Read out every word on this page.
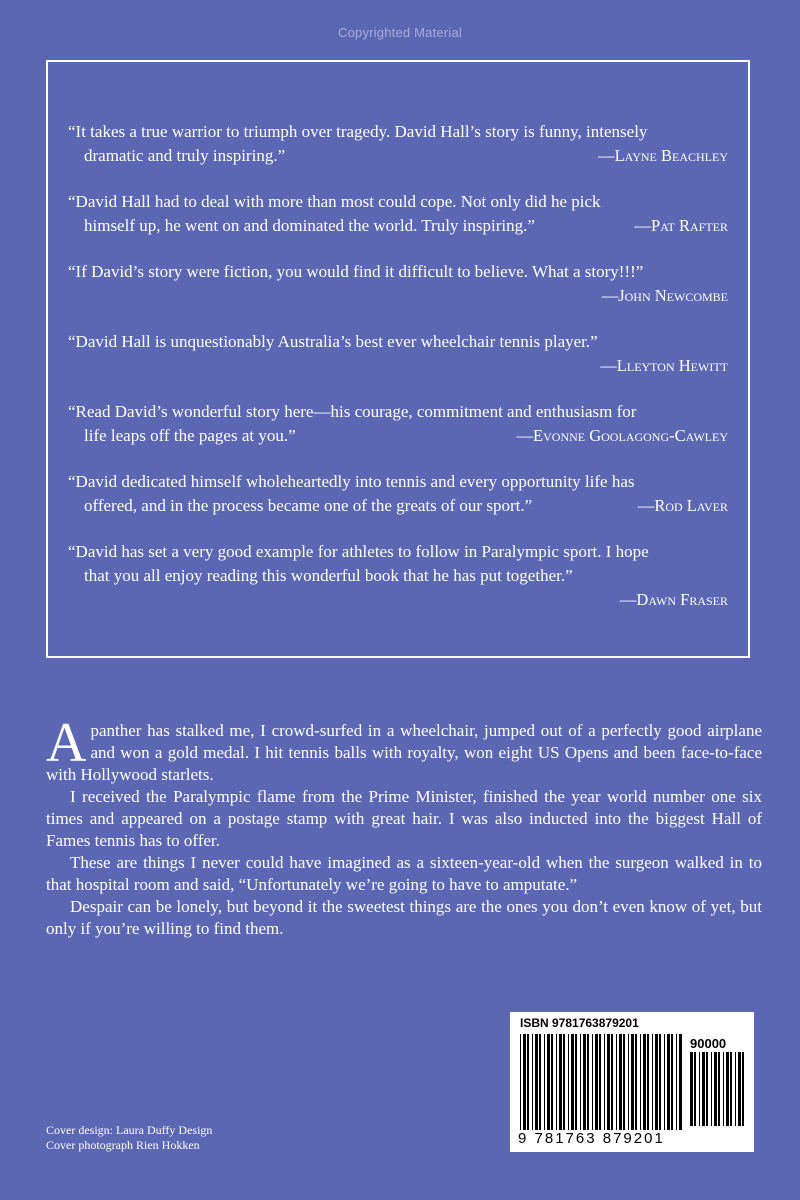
Copyrighted Material
“It takes a true warrior to triumph over tragedy. David Hall’s story is funny, intensely
dramatic and truly inspiring.”	—Layne Beachley
“David Hall had to deal with more than most could cope. Not only did he pick
himself up, he went on and dominated the world. Truly inspiring.”	—Pat Rafter
“If David’s story were fiction, you would find it difficult to believe. What a story!!!”
—John Newcombe
“David Hall is unquestionably Australia’s best ever wheelchair tennis player.”
—Lleyton Hewitt
“Read David’s wonderful story here—his courage, commitment and enthusiasm for
life leaps off the pages at you.”	—Evonne Goolagong-Cawley
“David dedicated himself wholeheartedly into tennis and every opportunity life has
offered, and in the process became one of the greats of our sport.”	—Rod Laver
“David has set a very good example for athletes to follow in Paralympic sport. I hope
that you all enjoy reading this wonderful book that he has put together.”
—Dawn Fraser

Apanther has stalked me, I crowd-surfed in a wheelchair, jumped out of a perfectly good airplane and won a gold medal. I hit tennis balls with royalty, won eight US Opens and been face-to-face with Hollywood starlets.

I received the Paralympic flame from the Prime Minister, finished the year world number one six times and appeared on a postage stamp with great hair. I was also inducted into the biggest Hall of Fames tennis has to offer.

These are things I never could have imagined as a sixteen-year-old when the surgeon walked in to that hospital room and said, “Unfortunately we’re going to have to amputate.”

Despair can be lonely, but beyond it the sweetest things are the ones you don’t even know of yet, but only if you’re willing to find them.

ISBN 9781763879201
90000
9 781763 879201
Cover design: Laura Duffy Design
Cover photograph Rien Hokken
